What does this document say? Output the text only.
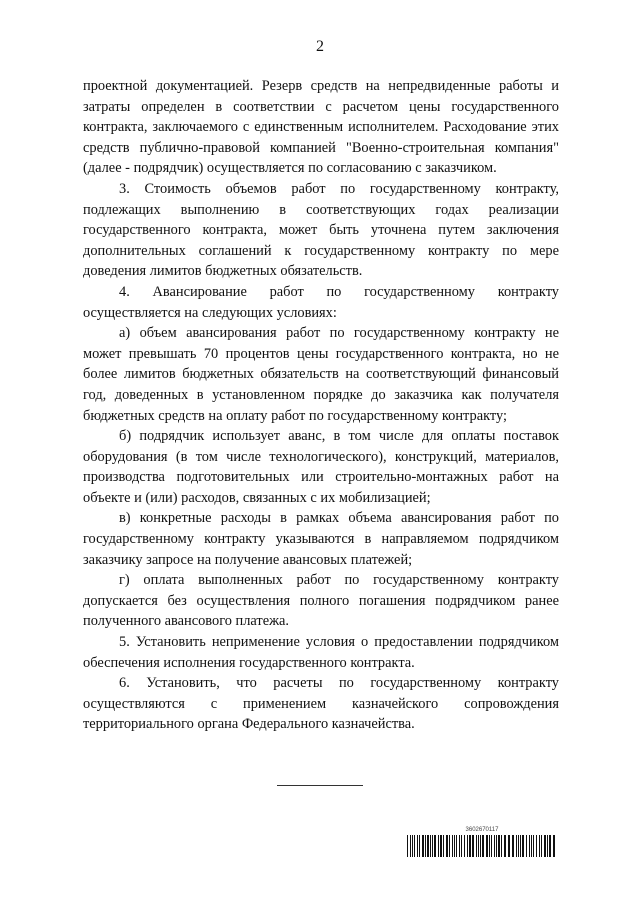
2

проектной документацией. Резерв средств на непредвиденные работы и затраты определен в соответствии с расчетом цены государственного контракта, заключаемого с единственным исполнителем. Расходование этих средств публично-правовой компанией "Военно-строительная компания" (далее - подрядчик) осуществляется по согласованию с заказчиком.

3. Стоимость объемов работ по государственному контракту, подлежащих выполнению в соответствующих годах реализации государственного контракта, может быть уточнена путем заключения дополнительных соглашений к государственному контракту по мере доведения лимитов бюджетных обязательств.

4. Авансирование работ по государственному контракту осуществляется на следующих условиях:

а) объем авансирования работ по государственному контракту не может превышать 70 процентов цены государственного контракта, но не более лимитов бюджетных обязательств на соответствующий финансовый год, доведенных в установленном порядке до заказчика как получателя бюджетных средств на оплату работ по государственному контракту;

б) подрядчик использует аванс, в том числе для оплаты поставок оборудования (в том числе технологического), конструкций, материалов, производства подготовительных или строительно-монтажных работ на объекте и (или) расходов, связанных с их мобилизацией;

в) конкретные расходы в рамках объема авансирования работ по государственному контракту указываются в направляемом подрядчиком заказчику запросе на получение авансовых платежей;

г) оплата выполненных работ по государственному контракту допускается без осуществления полного погашения подрядчиком ранее полученного авансового платежа.

5. Установить неприменение условия о предоставлении подрядчиком обеспечения исполнения государственного контракта.

6. Установить, что расчеты по государственному контракту осуществляются с применением казначейского сопровождения территориального органа Федерального казначейства.

3602670117
